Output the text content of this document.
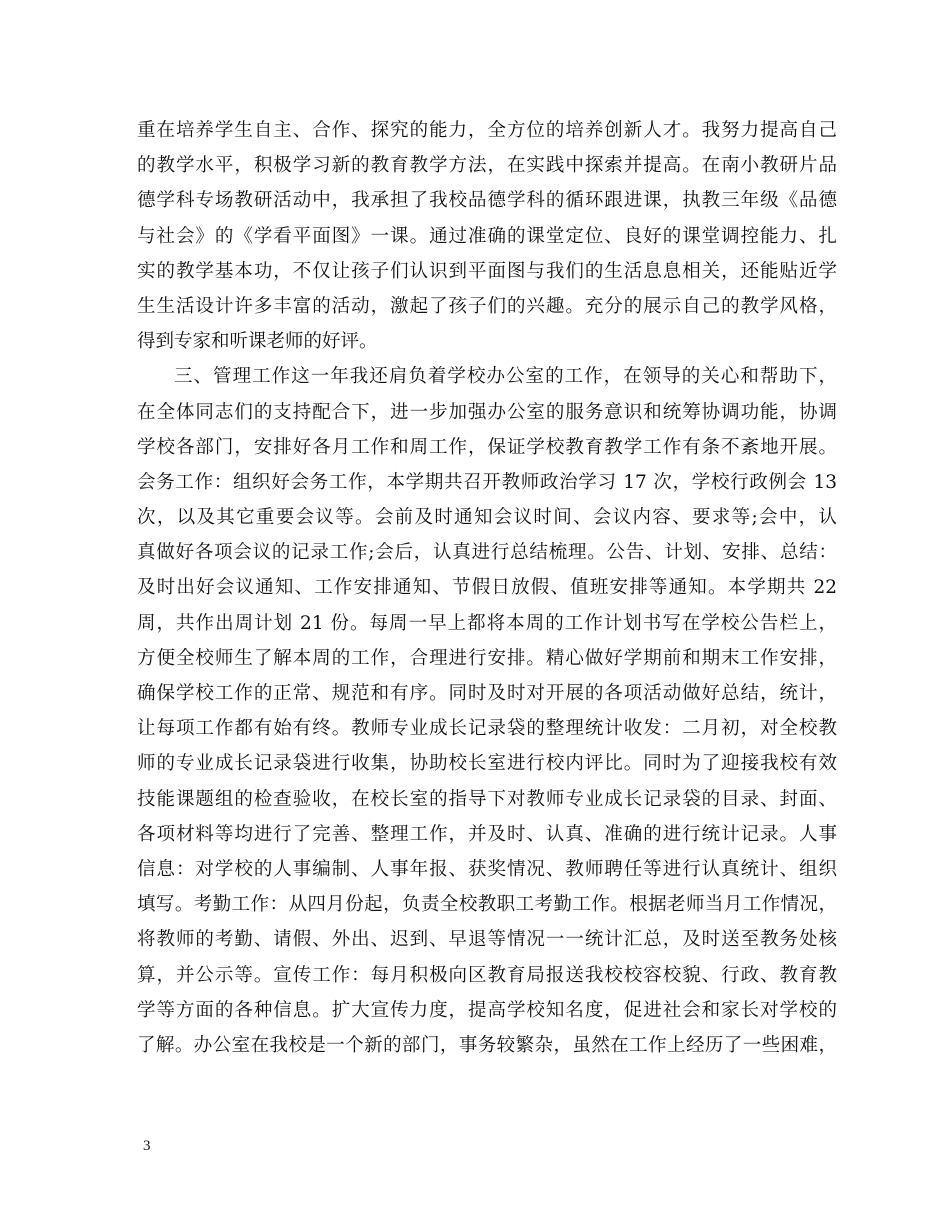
重在培养学生自主、合作、探究的能力，全方位的培养创新人才。我努力提高自己
的教学水平，积极学习新的教育教学方法，在实践中探索并提高。在南小教研片品
德学科专场教研活动中，我承担了我校品德学科的循环跟进课，执教三年级《品德
与社会》的《学看平面图》一课。通过准确的课堂定位、良好的课堂调控能力、扎
实的教学基本功，不仅让孩子们认识到平面图与我们的生活息息相关，还能贴近学
生生活设计许多丰富的活动，激起了孩子们的兴趣。充分的展示自己的教学风格，
得到专家和听课老师的好评。
三、管理工作这一年我还肩负着学校办公室的工作，在领导的关心和帮助下，
在全体同志们的支持配合下，进一步加强办公室的服务意识和统筹协调功能，协调
学校各部门，安排好各月工作和周工作，保证学校教育教学工作有条不紊地开展。
会务工作：组织好会务工作，本学期共召开教师政治学习 17 次，学校行政例会 13
次，以及其它重要会议等。会前及时通知会议时间、会议内容、要求等;会中，认
真做好各项会议的记录工作;会后，认真进行总结梳理。公告、计划、安排、总结：
及时出好会议通知、工作安排通知、节假日放假、值班安排等通知。本学期共 22
周，共作出周计划 21 份。每周一早上都将本周的工作计划书写在学校公告栏上，
方便全校师生了解本周的工作，合理进行安排。精心做好学期前和期末工作安排，
确保学校工作的正常、规范和有序。同时及时对开展的各项活动做好总结，统计，
让每项工作都有始有终。教师专业成长记录袋的整理统计收发：二月初，对全校教
师的专业成长记录袋进行收集，协助校长室进行校内评比。同时为了迎接我校有效
技能课题组的检查验收，在校长室的指导下对教师专业成长记录袋的目录、封面、
各项材料等均进行了完善、整理工作，并及时、认真、准确的进行统计记录。人事
信息：对学校的人事编制、人事年报、获奖情况、教师聘任等进行认真统计、组织
填写。考勤工作：从四月份起，负责全校教职工考勤工作。根据老师当月工作情况，
将教师的考勤、请假、外出、迟到、早退等情况一一统计汇总，及时送至教务处核
算，并公示等。宣传工作：每月积极向区教育局报送我校校容校貌、行政、教育教
学等方面的各种信息。扩大宣传力度，提高学校知名度，促进社会和家长对学校的
了解。办公室在我校是一个新的部门，事务较繁杂，虽然在工作上经历了一些困难，
3
